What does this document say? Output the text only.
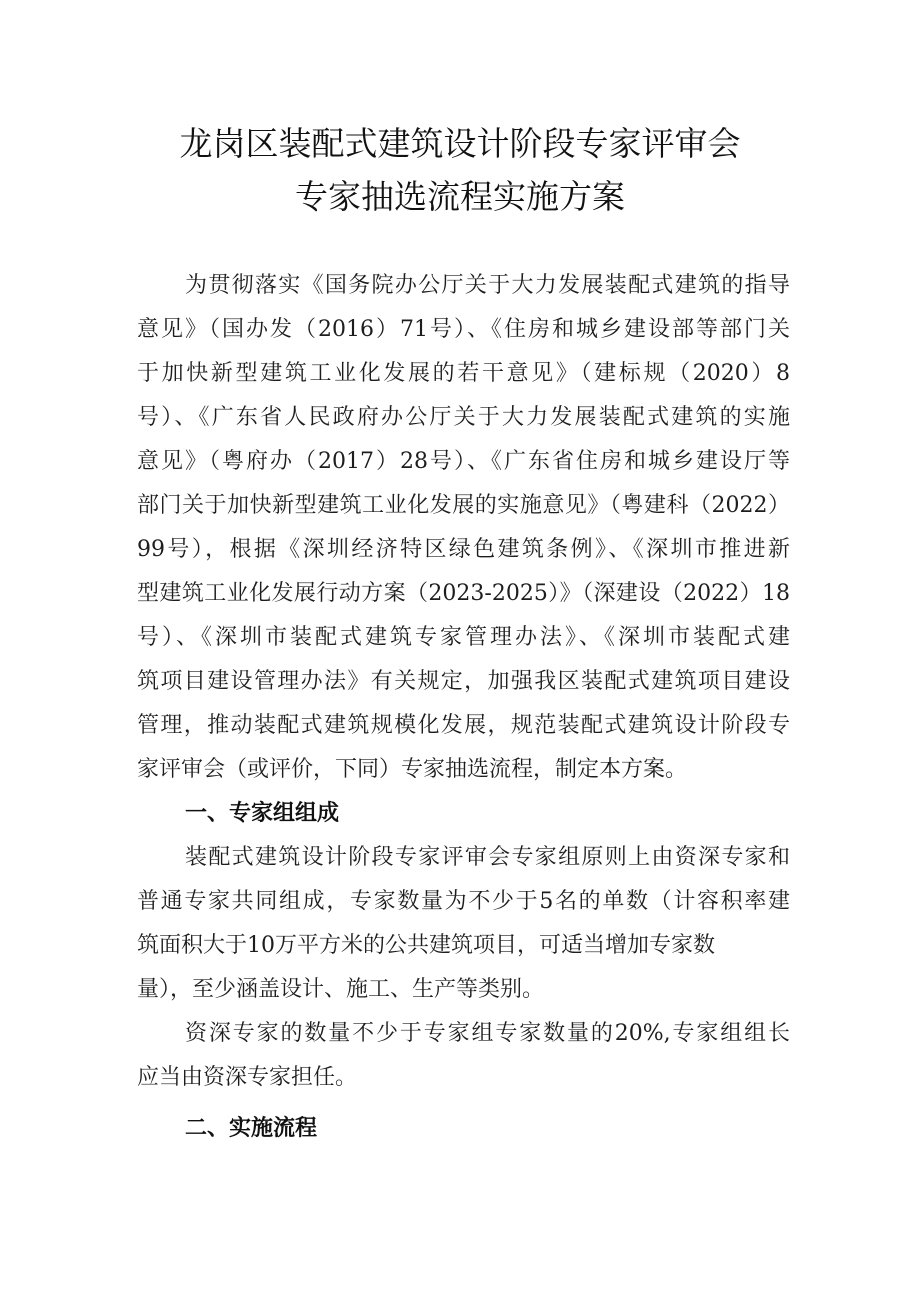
龙岗区装配式建筑设计阶段专家评审会
专家抽选流程实施方案
为贯彻落实《国务院办公厅关于大力发展装配式建筑的指导
意见》（国办发（2016）71号）、《住房和城乡建设部等部门关
于加快新型建筑工业化发展的若干意见》（建标规（2020）8
号）、《广东省人民政府办公厅关于大力发展装配式建筑的实施
意见》（粤府办（2017）28号）、《广东省住房和城乡建设厅等
部门关于加快新型建筑工业化发展的实施意见》（粤建科（2022）
99号），根据《深圳经济特区绿色建筑条例》、《深圳市推进新
型建筑工业化发展行动方案（2023-2025）》（深建设（2022）18
号）、《深圳市装配式建筑专家管理办法》、《深圳市装配式建
筑项目建设管理办法》有关规定，加强我区装配式建筑项目建设
管理，推动装配式建筑规模化发展，规范装配式建筑设计阶段专
家评审会（或评价，下同）专家抽选流程，制定本方案。
一、专家组组成
装配式建筑设计阶段专家评审会专家组原则上由资深专家和
普通专家共同组成，专家数量为不少于5名的单数（计容积率建
筑面积大于10万平方米的公共建筑项目，可适当增加专家数
量），至少涵盖设计、施工、生产等类别。
资深专家的数量不少于专家组专家数量的20%,专家组组长
应当由资深专家担任。
二、实施流程
